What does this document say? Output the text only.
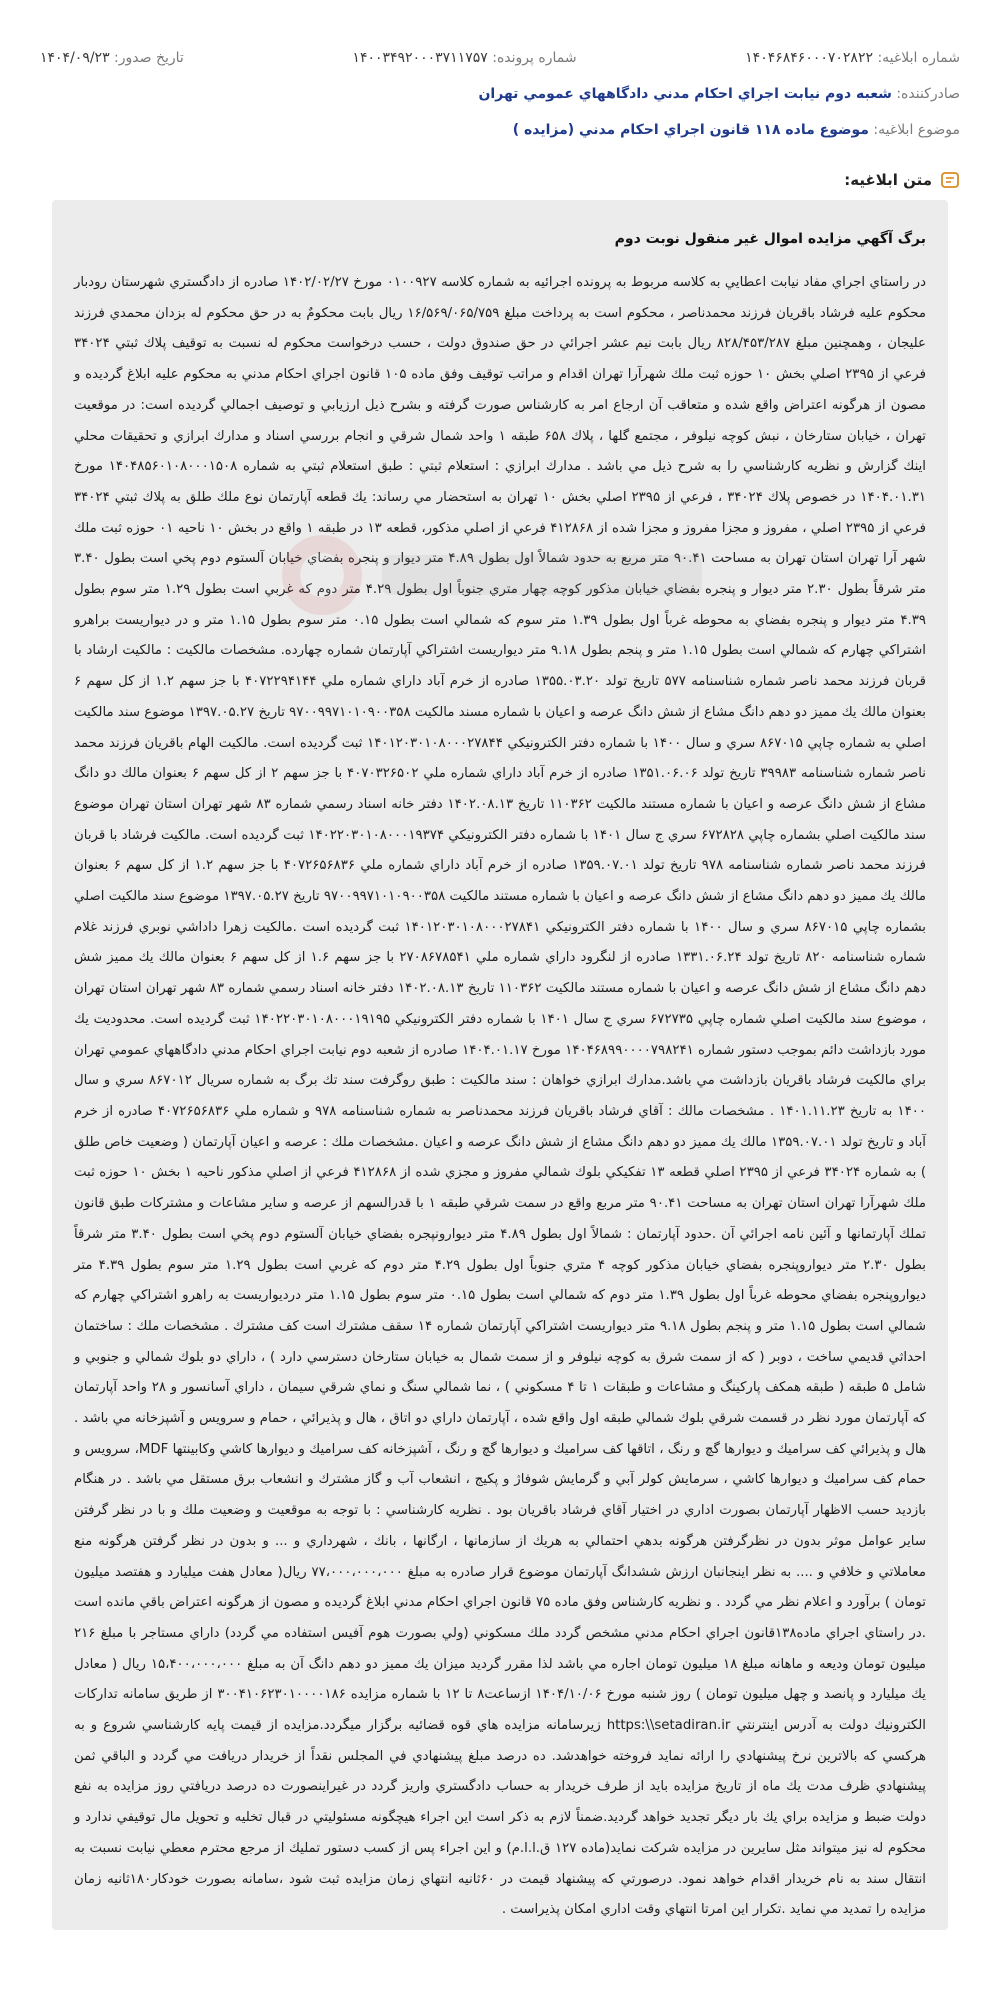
شماره ابلاغیه: ۱۴۰۴۶۸۴۶۰۰۰۷۰۲۸۲۲
شماره پرونده: ۱۴۰۰۳۴۹۲۰۰۰۳۷۱۱۷۵۷
تاریخ صدور: ۱۴۰۴/۰۹/۲۳
صادرکننده: شعبه دوم نيابت اجراي احكام مدني دادگاههاي عمومي تهران
موضوع ابلاغیه: موضوع ماده ۱۱۸ قانون اجراي احكام مدني (مزايده )
متن ابلاغیه:
برگ آگهي مزايده اموال غير منقول نوبت دوم

در راستاي اجراي مفاد نيابت اعطايي به كلاسه مربوط به پرونده اجرائيه به شماره كلاسه ۰۱۰۰۹۲۷ مورخ ۱۴۰۲/۰۲/۲۷ صادره از دادگستري شهرستان رودبار محكوم عليه فرشاد باقريان فرزند محمدناصر ، محكوم است به پرداخت مبلغ ۱۶/۵۶۹/۰۶۵/۷۵۹ ريال بابت محكومٌ به در حق محكوم له بزدان محمدي فرزند عليجان ، وهمچنين مبلغ ۸۲۸/۴۵۳/۲۸۷ ريال بابت نيم عشر اجرائي در حق صندوق دولت ، حسب درخواست محكوم له نسبت به توقيف پلاك ثبتي ۳۴۰۲۴ فرعي از ۲۳۹۵ اصلي بخش ۱۰ حوزه ثبت ملك شهرآرا تهران اقدام و مراتب توقيف وفق ماده ۱۰۵ قانون اجراي احكام مدني به محكوم عليه ابلاغ گرديده و مصون از هرگونه اعتراض واقع شده و متعاقب آن ارجاع امر به كارشناس صورت گرفته و بشرح ذيل ارزيابي و توصيف اجمالي گرديده است: در موقعيت تهران ، خيابان ستارخان ، نبش كوچه نيلوفر ، مجتمع گلها ، پلاك ۶۵۸ طبقه ۱ واحد شمال شرقي و انجام بررسي اسناد و مدارك ابرازي و تحقيقات محلي اينك گزارش و نظريه كارشناسي را به شرح ذيل مي باشد . مدارك ابرازي : استعلام ثبتي : طبق استعلام ثبتي به شماره ۱۴۰۴۸۵۶۰۱۰۸۰۰۰۱۵۰۸ مورخ ۱۴۰۴.۰۱.۳۱ در خصوص پلاك ۳۴۰۲۴ ، فرعي از ۲۳۹۵ اصلي بخش ۱۰ تهران به استحضار مي رساند: يك قطعه آپارتمان نوع ملك طلق به پلاك ثبتي ۳۴۰۲۴ فرعي از ۲۳۹۵ اصلي ، مفروز و مجزا مفروز و مجزا شده از ۴۱۲۸۶۸ فرعي از اصلي مذكور، قطعه ۱۳ در طبقه ۱ واقع در بخش ۱۰ ناحيه ۰۱ حوزه ثبت ملك شهر آرا تهران استان تهران به مساحت ۹۰.۴۱ متر مربع به حدود شمالاً اول بطول ۴.۸۹ متر ديوار و پنجره بفضاي خيابان آلستوم دوم پخي است بطول ۳.۴۰ متر شرقاً بطول ۲.۳۰ متر ديوار و پنجره بفضاي خيابان مذكور كوچه چهار متري جنوباً اول بطول ۴.۲۹ متر دوم كه غربي است بطول ۱.۲۹ متر سوم بطول ۴.۳۹ متر ديوار و پنجره بفضاي به محوطه غرباً اول بطول ۱.۳۹ متر سوم كه شمالي است بطول ۰.۱۵ متر سوم بطول ۱.۱۵ متر و در ديواريست براهرو اشتراكي چهارم كه شمالي است بطول ۱.۱۵ متر و پنجم بطول ۹.۱۸ متر ديواريست اشتراكي آپارتمان شماره چهارده. مشخصات مالكيت : مالكيت ارشاد با قربان فرزند محمد ناصر شماره شناسنامه ۵۷۷ تاريخ تولد ۱۳۵۵.۰۳.۲۰ صادره از خرم آباد داراي شماره ملي ۴۰۷۲۲۹۴۱۴۴ با جز سهم ۱.۲ از كل سهم ۶ بعنوان مالك يك مميز دو دهم دانگ مشاع از شش دانگ عرصه و اعيان با شماره مسند مالكيت ۹۷۰۰۹۹۷۱۰۱۰۹۰۰۳۵۸ تاريخ ۱۳۹۷.۰۵.۲۷ موضوع سند مالكيت اصلي به شماره چاپي ۸۶۷۰۱۵ سري و سال ۱۴۰۰ با شماره دفتر الكترونيكي ۱۴۰۱۲۰۳۰۱۰۸۰۰۰۲۷۸۴۴ ثبت گرديده است. مالكيت الهام باقريان فرزند محمد ناصر شماره شناسنامه ۳۹۹۸۳ تاريخ تولد ۱۳۵۱.۰۶.۰۶ صادره از خرم آباد داراي شماره ملي ۴۰۷۰۳۲۶۵۰۲ با جز سهم ۲ از كل سهم ۶ بعنوان مالك دو دانگ مشاع از شش دانگ عرصه و اعيان با شماره مستند مالكيت ۱۱۰۳۶۲ تاريخ ۱۴۰۲.۰۸.۱۳ دفتر خانه اسناد رسمي شماره ۸۳ شهر تهران استان تهران موضوع سند مالكيت اصلي بشماره چاپي ۶۷۲۸۲۸ سري ج سال ۱۴۰۱ با شماره دفتر الكترونيكي ۱۴۰۲۲۰۳۰۱۰۸۰۰۰۱۹۳۷۴ ثبت گرديده است. مالكيت فرشاد با قربان فرزند محمد ناصر شماره شناسنامه ۹۷۸ تاريخ تولد ۱۳۵۹.۰۷.۰۱ صادره از خرم آباد داراي شماره ملي ۴۰۷۲۶۵۶۸۳۶ با جز سهم ۱.۲ از كل سهم ۶ بعنوان مالك يك مميز دو دهم دانگ مشاع از شش دانگ عرصه و اعيان با شماره مستند مالكيت ۹۷۰۰۹۹۷۱۰۱۰۹۰۰۳۵۸ تاريخ ۱۳۹۷.۰۵.۲۷ موضوع سند مالكيت اصلي بشماره چاپي ۸۶۷۰۱۵ سري و سال ۱۴۰۰ با شماره دفتر الكترونيكي ۱۴۰۱۲۰۳۰۱۰۸۰۰۰۲۷۸۴۱ ثبت گرديده است .مالكيت زهرا داداشي نوبري فرزند غلام شماره شناسنامه ۸۲۰ تاريخ تولد ۱۳۳۱.۰۶.۲۴ صادره از لنگرود داراي شماره ملي ۲۷۰۸۶۷۸۵۴۱ با جز سهم ۱.۶ از كل سهم ۶ بعنوان مالك يك مميز شش دهم دانگ مشاع از شش دانگ عرصه و اعيان با شماره مستند مالكيت ۱۱۰۳۶۲ تاريخ ۱۴۰۲.۰۸.۱۳ دفتر خانه اسناد رسمي شماره ۸۳ شهر تهران استان تهران ، موضوع سند مالكيت اصلي شماره چاپي ۶۷۲۷۳۵ سري ج سال ۱۴۰۱ با شماره دفتر الكترونيكي ۱۴۰۲۲۰۳۰۱۰۸۰۰۰۱۹۱۹۵ ثبت گرديده است. محدوديت يك مورد بازداشت دائم بموجب دستور شماره ۱۴۰۴۶۸۹۹۰۰۰۰۷۹۸۲۴۱ مورخ ۱۴۰۴.۰۱.۱۷ صادره از شعبه دوم نيابت اجراي احكام مدني دادگاههاي عمومي تهران براي مالكيت فرشاد باقريان بازداشت مي باشد.مدارك ابرازي خواهان : سند مالكيت : طبق روگرفت سند تك برگ به شماره سريال ۸۶۷۰۱۲ سري و سال ۱۴۰۰ به تاريخ ۱۴۰۱.۱۱.۲۳ . مشخصات مالك : آقاي فرشاد باقريان فرزند محمدناصر به شماره شناسنامه ۹۷۸ و شماره ملي ۴۰۷۲۶۵۶۸۳۶ صادره از خرم آباد و تاريخ تولد ۱۳۵۹.۰۷.۰۱ مالك يك مميز دو دهم دانگ مشاع از شش دانگ عرصه و اعيان .مشخصات ملك : عرصه و اعيان آپارتمان ( وضعيت خاص طلق ) به شماره ۳۴۰۲۴ فرعي از ۲۳۹۵ اصلي قطعه ۱۳ تفكيكي بلوك شمالي مفروز و مجزي شده از ۴۱۲۸۶۸ فرعي از اصلي مذكور ناحيه ۱ بخش ۱۰ حوزه ثبت ملك شهرآرا تهران استان تهران به مساحت ۹۰.۴۱ متر مربع واقع در سمت شرقي طبقه ۱ با قدرالسهم از عرصه و ساير مشاعات و مشتركات طبق قانون تملك آپارتمانها و آئين نامه اجرائي آن .حدود آپارتمان : شمالاً اول بطول ۴.۸۹ متر ديوارونپجره بفضاي خيابان آلستوم دوم پخي است بطول ۳.۴۰ متر شرقاً بطول ۲.۳۰ متر ديواروپنجره بفضاي خيابان مذكور كوچه ۴ متري جنوباً اول بطول ۴.۲۹ متر دوم كه غربي است بطول ۱.۲۹ متر سوم بطول ۴.۳۹ متر ديواروپنجره بفضاي محوطه غرباً اول بطول ۱.۳۹ متر دوم كه شمالي است بطول ۰.۱۵ متر سوم بطول ۱.۱۵ متر درديواريست به راهرو اشتراكي چهارم كه شمالي است بطول ۱.۱۵ متر و پنجم بطول ۹.۱۸ متر ديواريست اشتراكي آپارتمان شماره ۱۴ سقف مشترك است كف مشترك . مشخصات ملك : ساختمان احداثي قديمي ساخت ، دوبر ( كه از سمت شرق به كوچه نيلوفر و از سمت شمال به خيابان ستارخان دسترسي دارد ) ، داراي دو بلوك شمالي و جنوبي و شامل ۵ طبقه ( طبقه همكف پاركينگ و مشاعات و طبقات ۱ تا ۴ مسكوني ) ، نما شمالي سنگ و نماي شرقي سيمان ، داراي آسانسور و ۲۸ واحد آپارتمان كه آپارتمان مورد نظر در قسمت شرقي بلوك شمالي طبقه اول واقع شده ، آپارتمان داراي دو اتاق ، هال و پذيرائي ، حمام و سرويس و آشپزخانه مي باشد . هال و پذيرائي كف سراميك و ديوارها گچ و رنگ ، اتاقها كف سراميك و ديوارها گچ و رنگ ، آشپزخانه كف سراميك و ديوارها كاشي وكابينتها MDF، سرويس و حمام كف سراميك و ديوارها كاشي ، سرمايش كولر آبي و گرمايش شوفاژ و پكيج ، انشعاب آب و گاز مشترك و انشعاب برق مستقل مي باشد . در هنگام بازديد حسب الاظهار آپارتمان بصورت اداري در اختيار آقاي فرشاد باقريان بود . نظريه كارشناسي : با توجه به موقعيت و وضعيت ملك و با در نظر گرفتن ساير عوامل موثر بدون در نظرگرفتن هرگونه بدهي احتمالي به هريك از سازمانها ، ارگانها ، بانك ، شهرداري و ... و بدون در نظر گرفتن هرگونه منع معاملاتي و خلافي و .... به نظر اينجانبان ارزش ششدانگ آپارتمان موضوع قرار صادره به مبلغ ۷۷،۰۰۰،۰۰۰،۰۰۰ ريال( معادل هفت ميليارد و هفتصد ميليون تومان ) برآورد و اعلام نظر مي گردد . و نظريه كارشناس وفق ماده ۷۵ قانون اجراي احكام مدني ابلاغ گرديده و مصون از هرگونه اعتراض باقي مانده است .در راستاي اجراي ماده۱۳۸قانون اجراي احكام مدني مشخص گردد ملك مسكوني (ولي بصورت هوم آفيس استفاده مي گردد) داراي مستاجر با مبلغ ۲۱۶ ميليون تومان وديعه و ماهانه مبلغ ۱۸ ميليون تومان اجاره مي باشد لذا مقرر گرديد ميزان يك مميز دو دهم دانگ آن به مبلغ ۱۵،۴۰۰،۰۰۰،۰۰۰ ريال ( معادل يك ميليارد و پانصد و چهل ميليون تومان ) روز شنبه مورخ ۱۴۰۴/۱۰/۰۶ ازساعت۸ تا ۱۲ با شماره مزايده ۳۰۰۴۱۰۶۲۳۰۱۰۰۰۰۱۸۶ از طريق سامانه تداركات الكترونيك دولت به آدرس اينترنتي https:\\setadiran.ir زيرسامانه مزايده هاي قوه قضائيه برگزار ميگردد.مزايده از قيمت پايه كارشناسي شروع و به هركسي كه بالاترين نرخ پيشنهادي را ارائه نمايد فروخته خواهدشد. ده درصد مبلغ پيشنهادي في المجلس نقداً از خريدار دريافت مي گردد و الباقي ثمن پيشنهادي ظرف مدت يك ماه از تاريخ مزايده بايد از طرف خريدار به حساب دادگستري واريز گردد در غيراينصورت ده درصد دريافتي روز مزايده به نفع دولت ضبط و مزايده براي يك بار ديگر تجديد خواهد گرديد.ضمناً لازم به ذكر است اين اجراء هيچگونه مسئوليتي در قبال تخليه و تحويل مال توقيفي ندارد و محكوم له نيز ميتواند مثل سايرين در مزايده شركت نمايد(ماده ۱۲۷ ق.ا.ا.م) و اين اجراء پس از كسب دستور تمليك از مرجع محترم معطي نيابت نسبت به انتقال سند به نام خريدار اقدام خواهد نمود. درصورتي كه پيشنهاد قيمت در ۶۰ثانيه انتهاي زمان مزايده ثبت شود ،سامانه بصورت خودكار۱۸۰ثانيه زمان مزايده را تمديد مي نمايد .تكرار اين امرتا انتهاي وقت اداري امكان پذيراست .
